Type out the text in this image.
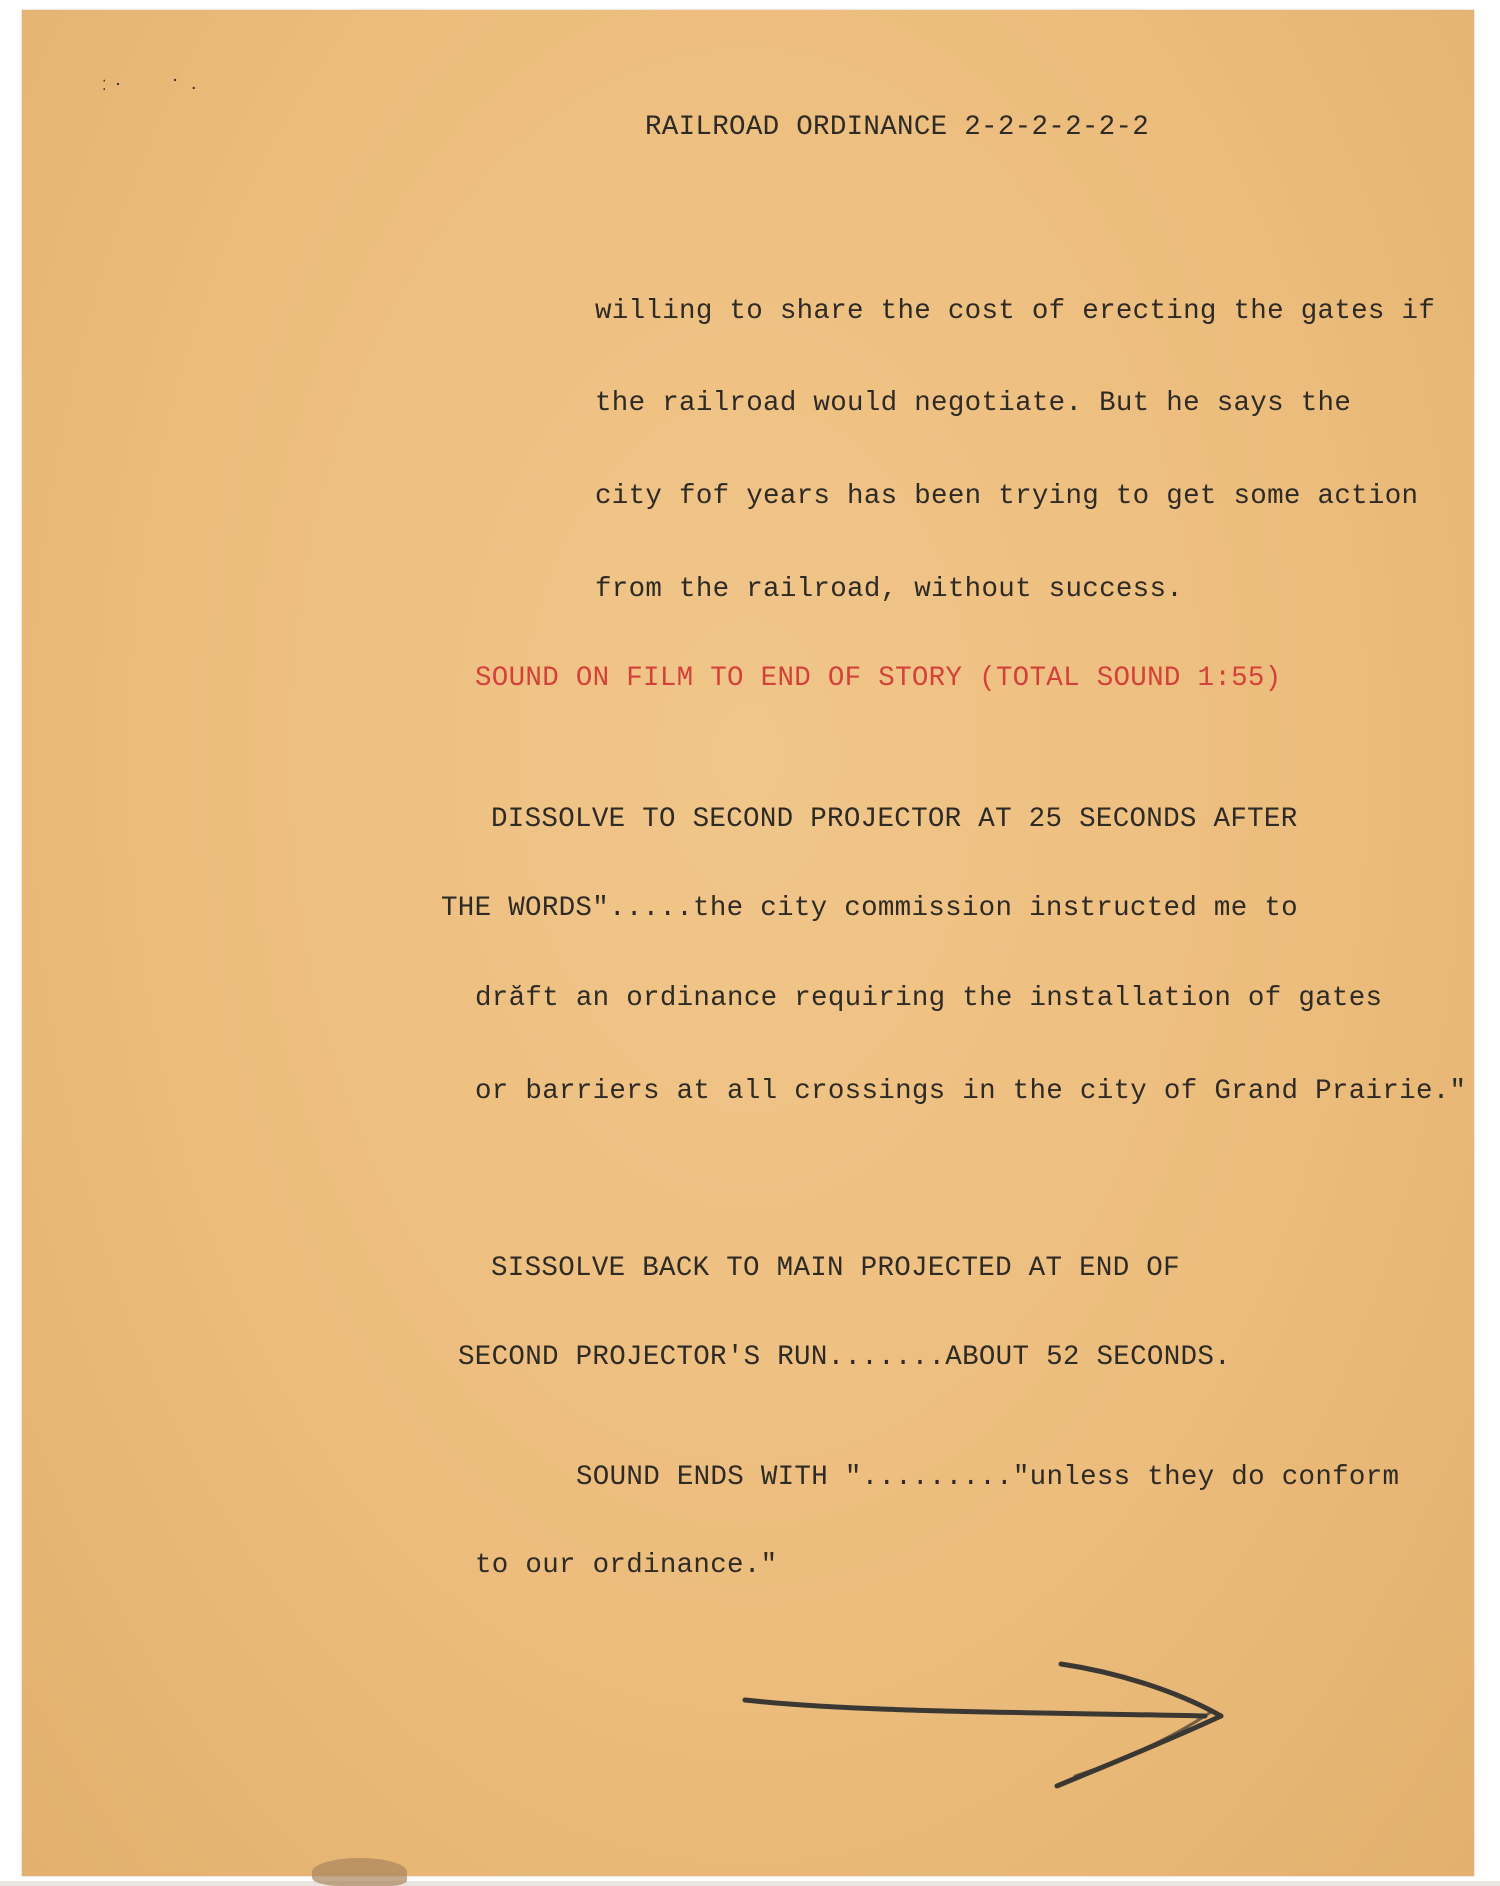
⁚ ⠂	⠁ ⠄
RAILROAD ORDINANCE 2-2-2-2-2-2
willing to share the cost of erecting the gates if
the railroad would negotiate. But he says the
city fof years has been trying to get some action
from the railroad, without success.
SOUND ON FILM TO END OF STORY (TOTAL SOUND 1:55)
DISSOLVE TO SECOND PROJECTOR AT 25 SECONDS AFTER
THE WORDS".....the city commission instructed me to
drăft an ordinance requiring the installation of gates
or barriers at all crossings in the city of Grand Prairie."
SISSOLVE BACK TO MAIN PROJECTED AT END OF
SECOND PROJECTOR'S RUN.......ABOUT 52 SECONDS.
SOUND ENDS WITH "........."unless they do conform
to our ordinance."
